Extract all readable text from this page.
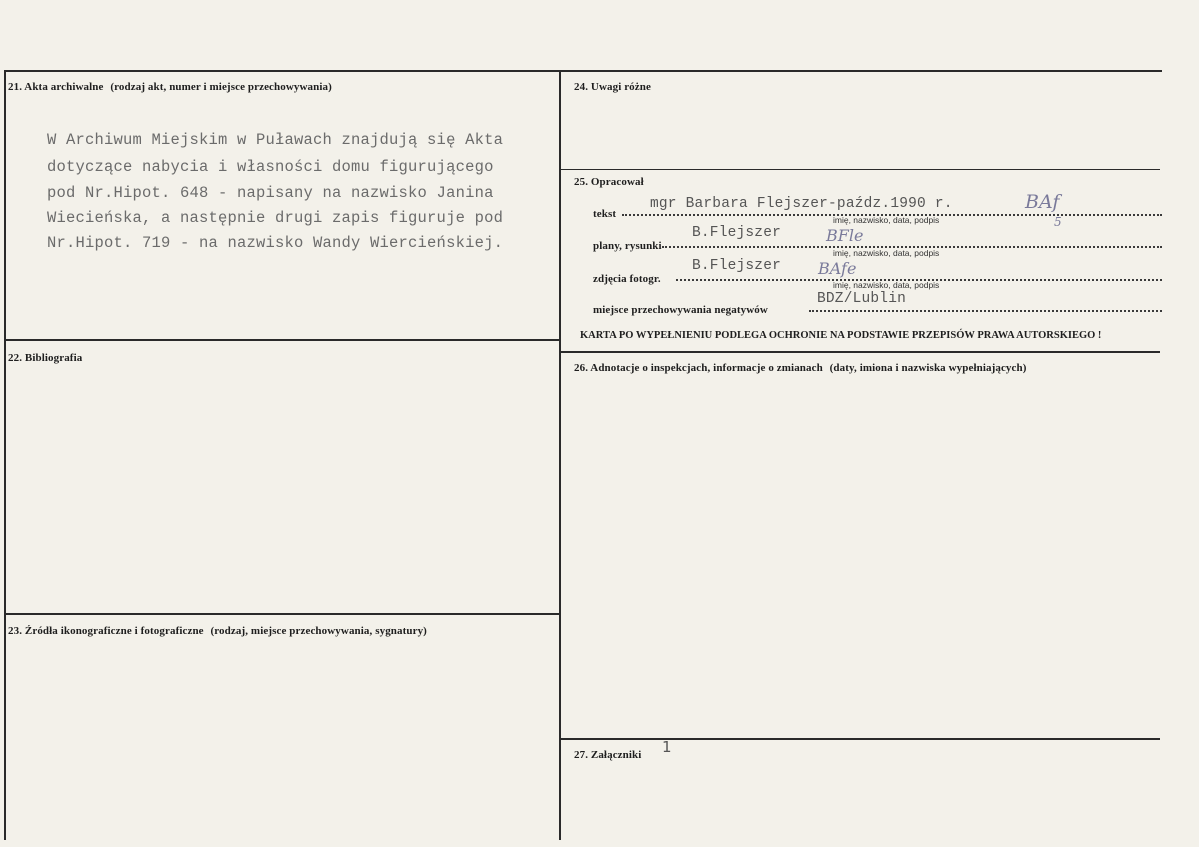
21. Akta archiwalne (rodzaj akt, numer i miejsce przechowywania)
W Archiwum Miejskim w Puławach znajdują się Akta
dotyczące nabycia i własności domu figurującego
pod Nr.Hipot. 648 - napisany na nazwisko Janina
Wiecieńska, a następnie drugi zapis figuruje pod
Nr.Hipot. 719 - na nazwisko Wandy Wiercieńskiej.
22. Bibliografia
23. Źródła ikonograficzne i fotograficzne (rodzaj, miejsce przechowywania, sygnatury)
24. Uwagi różne
25. Opracował
tekst
mgr Barbara Flejszer-paźdz.1990 r.	BAf
5
imię, nazwisko, data, podpis
plany, rysunki
B.Flejszer	BFle
imię, nazwisko, data, podpis
zdjęcia fotogr.
B.Flejszer BAfe
imię, nazwisko, data, podpis
miejsce przechowywania negatywów
BDZ/Lublin
KARTA PO WYPEŁNIENIU PODLEGA OCHRONIE NA PODSTAWIE PRZEPISÓW PRAWA AUTORSKIEGO !
26. Adnotacje o inspekcjach, informacje o zmianach (daty, imiona i nazwiska wypełniających)
27. Załączniki 1
